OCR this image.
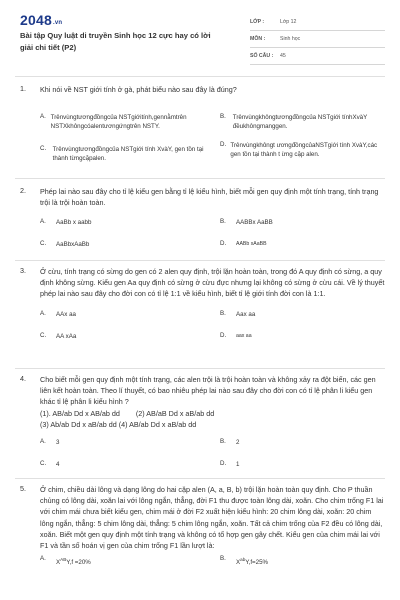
2048.vn
Bài tập Quy luật di truyền Sinh học 12 cực hay có lời giải chi tiết (P2)
LỚP :	Lớp 12
MÔN :	Sinh học
SỐ CÂU :	45
1.	Khi nói về NST giới tính ở gà, phát biểu nào sau đây là đúng?
A. Trênvùngtươngđồngcủa NSTgiớitính,gennằmtrên NSTXkhôngcóalentươngứngtrên NSTY.
B.	Trênvùngkhôngtươngđồngcủa NSTgiới tínhXvàY đềukhôngmanggen.
C.	Trênvùngtươngđồngcủa NSTgiới tính XvàY, gen tồn tại thành từngcặpalen.
D. Trênvùngkhôngt ươngđồngcủaNSTgiới tính XvàY,các gen tồn tại thành t ừng cặp alen.
2.	Phép lai nào sau đây cho tỉ lệ kiểu gen bằng tỉ lệ kiểu hình, biết mỗi gen quy định một tính trạng, tính trạng trội là trội hoàn toàn.
A.	AaBb x aabb	B.	AABBx AaBB
C.	AaBbxAaBb	D.	AABb xAaBB
3.	Ở cừu, tính trạng có sừng do gen có 2 alen quy định, trội lặn hoàn toàn, trong đó A quy định có sừng, a quy định không sừng. Kiểu gen Aa quy định có sừng ở cừu đực nhưng lại không có sừng ở cừu cái. Về lý thuyết phép lai nào sau đây cho đời con có tỉ lệ 1:1 về kiểu hình, biết tỉ lệ giới tính đời con là 1:1.
A.	AAx aa	B.	Aax aa
C.	AA xAa	D.	aax aa
4.	Cho biết mỗi gen quy định một tính trạng, các alen trội là trội hoàn toàn và không xảy ra đột biến, các gen liên kết hoàn toàn. Theo lí thuyết, có bao nhiêu phép lai nào sau đây cho đời con có tỉ lệ phân li kiểu gen khác tỉ lệ phân li kiểu hình ?
(1). AB/ab Dd x AB/ab dd        (2) AB/aB Dd x aB/ab dd
(3) Ab/ab Dd x aB/ab dd (4) AB/ab Dd x aB/ab dd
A.	3	B.	2
C.	4	D.	1
5.	Ở chim, chiều dài lông và dạng lông do hai cặp alen (A, a, B, b) trội lặn hoàn toàn quy định. Cho P thuần chủng có lông dài, xoăn lai với lông ngắn, thẳng, đời F1 thu được toàn lông dài, xoăn. Cho chim trống F1 lai với chim mái chưa biết kiểu gen, chim mái ở đời F2 xuất hiện kiểu hình: 20 chim lông dài, xoăn: 20 chim lông ngắn, thẳng: 5 chim lông dài, thẳng: 5 chim lông ngắn, xoăn. Tất cả chim trống của F2 đều có lông dài, xoăn. Biết một gen quy định một tính trạng và không có tổ hợp gen gây chết. Kiểu gen của chim mái lai với F1 và tần số hoán vị gen của chim trống F1 lần lượt là:
A.
$X^{AB}Y,f =20\%$
B.
$X^{ab}Y,f=25\%$
